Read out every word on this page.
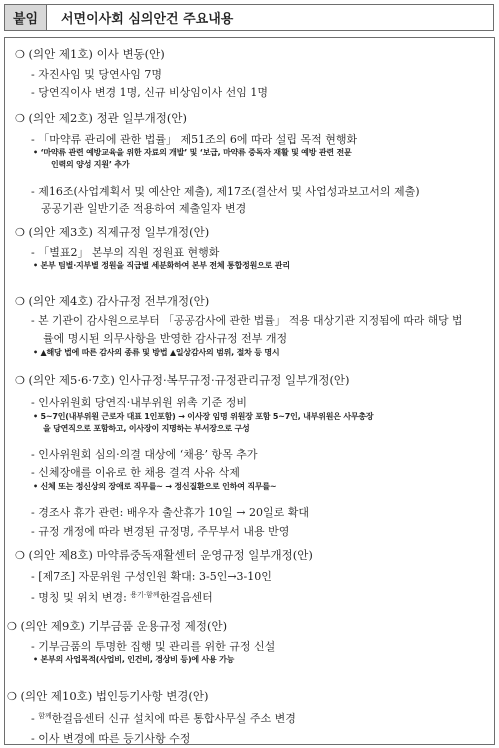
붙임	서면이사회 심의안건 주요내용
❍ (의안 제1호) 이사 변동(안)
- 자진사임 및 당연사임 7명
- 당연직이사 변경 1명, 신규 비상임이사 선임 1명
❍ (의안 제2호) 정관 일부개정(안)
- 「마약류 관리에 관한 법률」 제51조의 6에 따라 설립 목적 현행화
• ‘마약류 관련 예방교육을 위한 자료의 개발’ 및 ‘보급, 마약류 중독자 재활 및 예방 관련 전문
인력의 양성 지원’ 추가
- 제16조(사업계획서 및 예산안 제출), 제17조(결산서 및 사업성과보고서의 제출)
공공기관 일반기준 적용하여 제출일자 변경
❍ (의안 제3호) 직제규정 일부개정(안)
- 「별표2」 본부의 직원 정원표 현행화
• 본부 팀별·지부별 정원을 직급별 세분화하여 본부 전체 통합정원으로 관리
❍ (의안 제4호) 감사규정 전부개정(안)
- 본 기관이 감사원으로부터 「공공감사에 관한 법률」 적용 대상기관 지정됨에 따라 해당 법
률에 명시된 의무사항을 반영한 감사규정 전부 개정
• ▲해당 법에 따른 감사의 종류 및 방법 ▲일상감사의 범위, 절차 등 명시
❍ (의안 제5·6·7호) 인사규정·복무규정·규정관리규정 일부개정(안)
- 인사위원회 당연직·내부위원 위촉 기준 정비
• 5~7인(내부위원 근로자 대표 1인포함) → 이사장 임명 위원장 포함 5~7인, 내부위원은 사무총장
을 당연직으로 포함하고, 이사장이 지명하는 부서장으로 구성
- 인사위원회 심의·의결 대상에 ‘채용’ 항목 추가
- 신체장애를 이유로 한 채용 결격 사유 삭제
• 신체 또는 정신상의 장애로 직무를~ → 정신질환으로 인하여 직무를~
- 경조사 휴가 관련: 배우자 출산휴가 10일 → 20일로 확대
- 규정 개정에 따라 변경된 규정명, 주무부서 내용 반영
❍ (의안 제8호) 마약류중독재활센터 운영규정 일부개정(안)
- [제7조] 자문위원 구성인원 확대: 3-5인→3-10인
- 명칭 및 위치 변경: $^{용기\cdot 함께}$한걸음센터
❍ (의안 제9호) 기부금품 운용규정 제정(안)
- 기부금품의 투명한 집행 및 관리를 위한 규정 신설
• 본부의 사업목적(사업비, 인건비, 경상비 등)에 사용 가능
❍ (의안 제10호) 법인등기사항 변경(안)
- $^{함께}$한걸음센터 신규 설치에 따른 통합사무실 주소 변경
- 이사 변경에 따른 등기사항 수정
